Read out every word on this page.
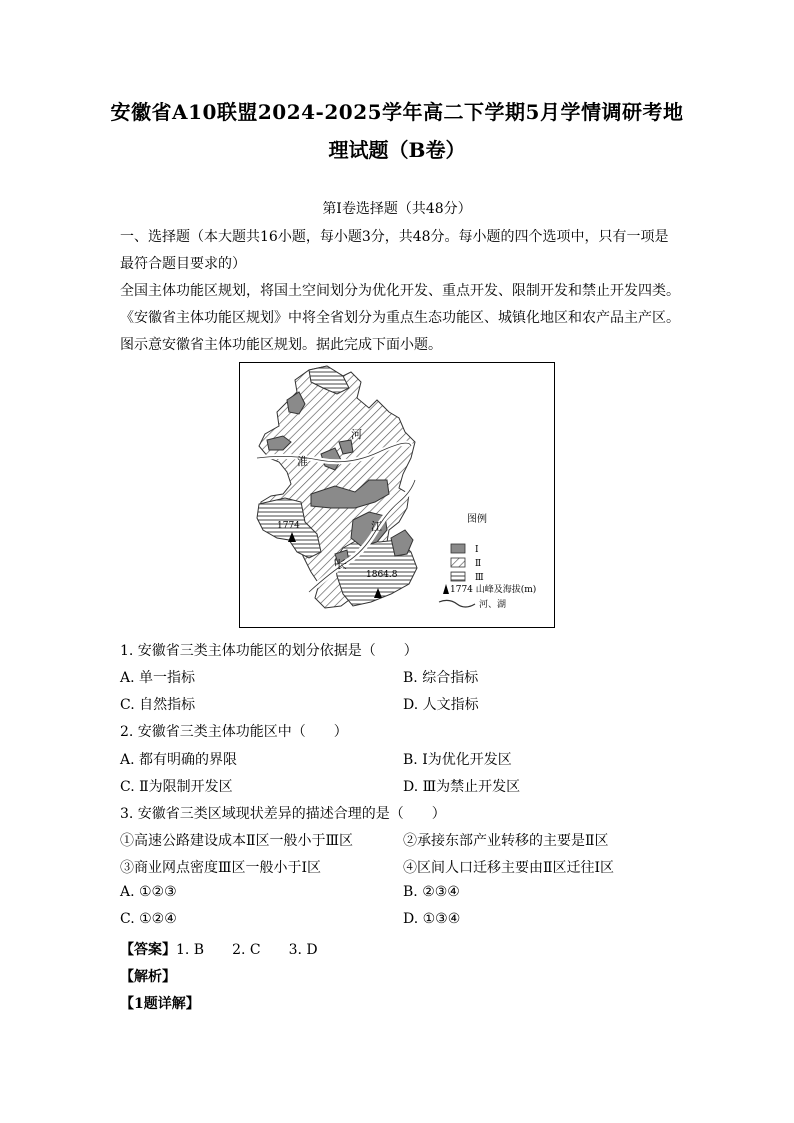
安徽省A10联盟2024-2025学年高二下学期5月学情调研考地
理试题（B卷）
第Ⅰ卷选择题（共48分）
一、选择题（本大题共16小题，每小题3分，共48分。每小题的四个选项中，只有一项是
最符合题目要求的）
全国主体功能区规划，将国土空间划分为优化开发、重点开发、限制开发和禁止开发四类。
《安徽省主体功能区规划》中将全省划分为重点生态功能区、城镇化地区和农产品主产区。
图示意安徽省主体功能区规划。据此完成下面小题。
淮
河
江
长
1774
1864.8
图例
Ⅰ
Ⅱ
Ⅲ
1774 山峰及海拔(m)
河、湖
1. 安徽省三类主体功能区的划分依据是（　　）
A. 单一指标	B. 综合指标
C. 自然指标	D. 人文指标
2. 安徽省三类主体功能区中（　　）
A. 都有明确的界限	B. Ⅰ为优化开发区
C. Ⅱ为限制开发区	D. Ⅲ为禁止开发区
3. 安徽省三类区域现状差异的描述合理的是（　　）
①高速公路建设成本Ⅱ区一般小于Ⅲ区	②承接东部产业转移的主要是Ⅱ区
③商业网点密度Ⅲ区一般小于Ⅰ区	④区间人口迁移主要由Ⅱ区迁往Ⅰ区
A. ①②③	B. ②③④
C. ①②④	D. ①③④
【答案】1. B　　2. C　　3. D
【解析】
【1题详解】
